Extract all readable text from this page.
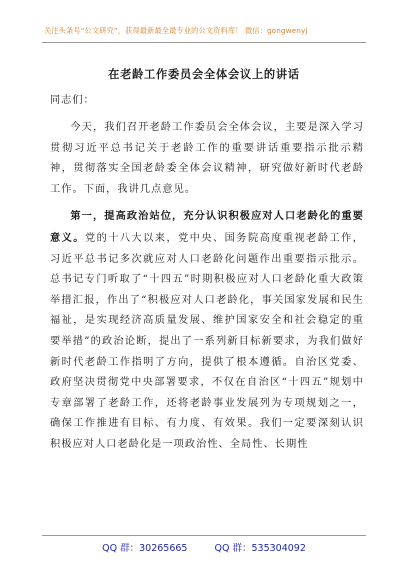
关注头条号“公文研究”，获得最新最全最专业的公文资料库！ 微信：gongwenyj
在老龄工作委员会全体会议上的讲话
同志们：

今天，我们召开老龄工作委员会全体会议，主要是深入学习贯彻习近平总书记关于老龄工作的重要讲话重要指示批示精神，贯彻落实全国老龄委全体会议精神，研究做好新时代老龄工作。下面，我讲几点意见。

第一，提高政治站位，充分认识积极应对人口老龄化的重要意义。党的十八大以来，党中央、国务院高度重视老龄工作，习近平总书记多次就应对人口老龄化问题作出重要指示批示。总书记专门听取了“十四五”时期积极应对人口老龄化重大政策举措汇报，作出了“积极应对人口老龄化，事关国家发展和民生福祉，是实现经济高质量发展、维护国家安全和社会稳定的重要举措”的政治论断，提出了一系列新目标新要求，为我们做好新时代老龄工作指明了方向，提供了根本遵循。自治区党委、政府坚决贯彻党中央部署要求，不仅在自治区“十四五”规划中专章部署了老龄工作，还将老龄事业发展列为专项规划之一，确保工作推进有目标、有力度、有效果。我们一定要深刻认识积极应对人口老龄化是一项政治性、全局性、长期性

QQ 群：30265665	QQ 群：535304092
